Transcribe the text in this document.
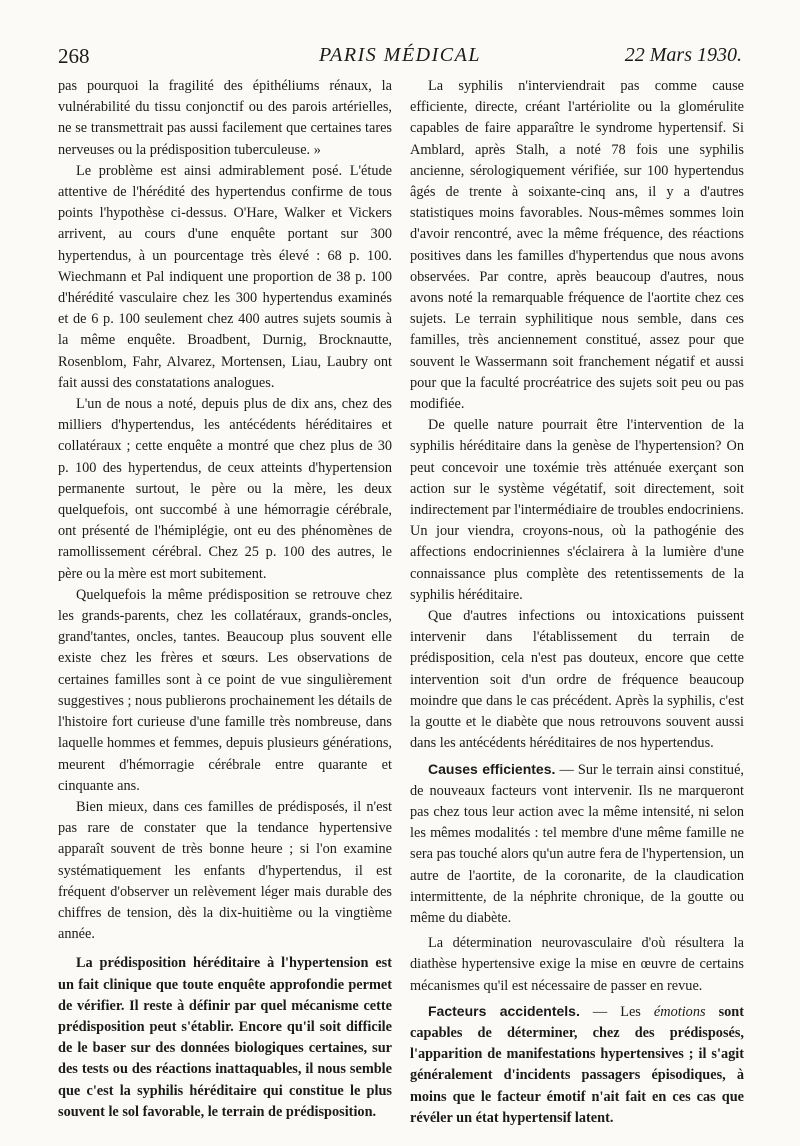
268	PARIS MÉDICAL	22 Mars 1930.

pas pourquoi la fragilité des épithéliums rénaux, la vulnérabilité du tissu conjonctif ou des parois artérielles, ne se transmettrait pas aussi facilement que certaines tares nerveuses ou la prédisposition tuberculeuse. »

Le problème est ainsi admirablement posé. L'étude attentive de l'hérédité des hypertendus confirme de tous points l'hypothèse ci-dessus. O'Hare, Walker et Vickers arrivent, au cours d'une enquête portant sur 300 hypertendus, à un pourcentage très élevé : 68 p. 100. Wiechmann et Pal indiquent une proportion de 38 p. 100 d'hérédité vasculaire chez les 300 hypertendus examinés et de 6 p. 100 seulement chez 400 autres sujets soumis à la même enquête. Broadbent, Durnig, Brocknautte, Rosenblom, Fahr, Alvarez, Mortensen, Liau, Laubry ont fait aussi des constatations analogues.

L'un de nous a noté, depuis plus de dix ans, chez des milliers d'hypertendus, les antécédents héréditaires et collatéraux ; cette enquête a montré que chez plus de 30 p. 100 des hypertendus, de ceux atteints d'hypertension permanente surtout, le père ou la mère, les deux quelquefois, ont succombé à une hémorragie cérébrale, ont présenté de l'hémiplégie, ont eu des phénomènes de ramollissement cérébral. Chez 25 p. 100 des autres, le père ou la mère est mort subitement.

Quelquefois la même prédisposition se retrouve chez les grands-parents, chez les collatéraux, grands-oncles, grand'tantes, oncles, tantes. Beaucoup plus souvent elle existe chez les frères et sœurs. Les observations de certaines familles sont à ce point de vue singulièrement suggestives ; nous publierons prochainement les détails de l'histoire fort curieuse d'une famille très nombreuse, dans laquelle hommes et femmes, depuis plusieurs générations, meurent d'hémorragie cérébrale entre quarante et cinquante ans.

Bien mieux, dans ces familles de prédisposés, il n'est pas rare de constater que la tendance hypertensive apparaît souvent de très bonne heure ; si l'on examine systématiquement les enfants d'hypertendus, il est fréquent d'observer un relèvement léger mais durable des chiffres de tension, dès la dix-huitième ou la vingtième année.

La prédisposition héréditaire à l'hypertension est un fait clinique que toute enquête approfondie permet de vérifier. Il reste à définir par quel mécanisme cette prédisposition peut s'établir. Encore qu'il soit difficile de le baser sur des données biologiques certaines, sur des tests ou des réactions inattaquables, il nous semble que c'est la syphilis héréditaire qui constitue le plus souvent le sol favorable, le terrain de prédisposition.

La syphilis n'interviendrait pas comme cause efficiente, directe, créant l'artériolite ou la glomérulite capables de faire apparaître le syndrome hypertensif. Si Amblard, après Stalh, a noté 78 fois une syphilis ancienne, sérologiquement vérifiée, sur 100 hypertendus âgés de trente à soixante-cinq ans, il y a d'autres statistiques moins favorables. Nous-mêmes sommes loin d'avoir rencontré, avec la même fréquence, des réactions positives dans les familles d'hypertendus que nous avons observées. Par contre, après beaucoup d'autres, nous avons noté la remarquable fréquence de l'aortite chez ces sujets. Le terrain syphilitique nous semble, dans ces familles, très anciennement constitué, assez pour que souvent le Wassermann soit franchement négatif et aussi pour que la faculté procréatrice des sujets soit peu ou pas modifiée.

De quelle nature pourrait être l'intervention de la syphilis héréditaire dans la genèse de l'hypertension? On peut concevoir une toxémie très atténuée exerçant son action sur le système végétatif, soit directement, soit indirectement par l'intermédiaire de troubles endocriniens. Un jour viendra, croyons-nous, où la pathogénie des affections endocriniennes s'éclairera à la lumière d'une connaissance plus complète des retentissements de la syphilis héréditaire.

Que d'autres infections ou intoxications puissent intervenir dans l'établissement du terrain de prédisposition, cela n'est pas douteux, encore que cette intervention soit d'un ordre de fréquence beaucoup moindre que dans le cas précédent. Après la syphilis, c'est la goutte et le diabète que nous retrouvons souvent aussi dans les antécédents héréditaires de nos hypertendus.

Causes efficientes. — Sur le terrain ainsi constitué, de nouveaux facteurs vont intervenir. Ils ne marqueront pas chez tous leur action avec la même intensité, ni selon les mêmes modalités : tel membre d'une même famille ne sera pas touché alors qu'un autre fera de l'hypertension, un autre de l'aortite, de la coronarite, de la claudication intermittente, de la néphrite chronique, de la goutte ou même du diabète.

La détermination neurovasculaire d'où résultera la diathèse hypertensive exige la mise en œuvre de certains mécanismes qu'il est nécessaire de passer en revue.

Facteurs accidentels. — Les émotions sont capables de déterminer, chez des prédisposés, l'apparition de manifestations hypertensives ; il s'agit généralement d'incidents passagers épisodiques, à moins que le facteur émotif n'ait fait en ces cas que révéler un état hypertensif latent.
